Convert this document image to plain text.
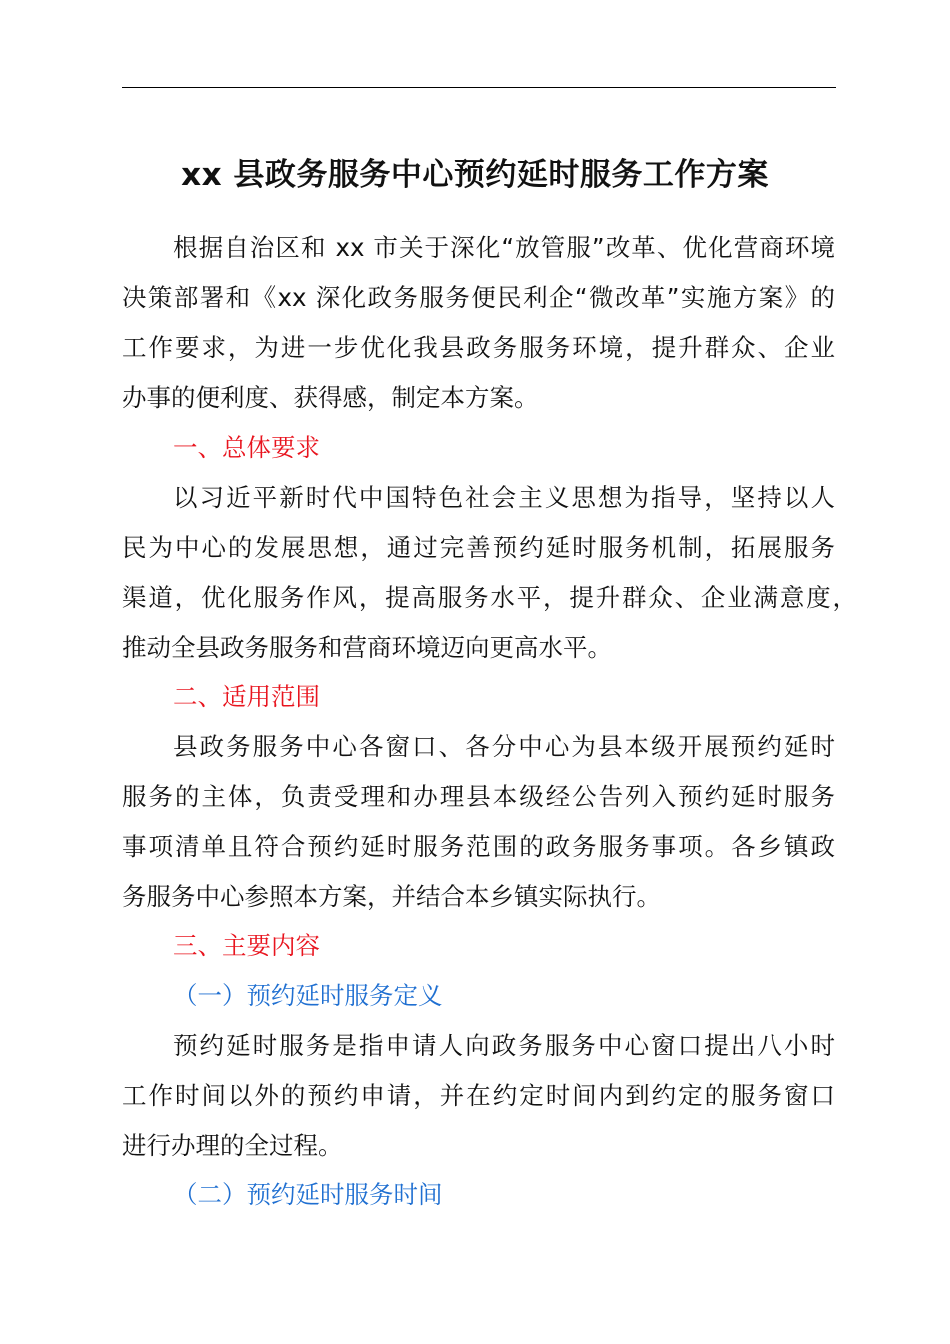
xx 县政务服务中心预约延时服务工作方案
根据自治区和 xx 市关于深化“放管服”改革、优化营商环境
决策部署和《xx 深化政务服务便民利企“微改革”实施方案》的
工作要求，为进一步优化我县政务服务环境，提升群众、企业
办事的便利度、获得感，制定本方案。
一、总体要求
以习近平新时代中国特色社会主义思想为指导，坚持以人
民为中心的发展思想，通过完善预约延时服务机制，拓展服务
渠道，优化服务作风，提高服务水平，提升群众、企业满意度，
推动全县政务服务和营商环境迈向更高水平。
二、适用范围
县政务服务中心各窗口、各分中心为县本级开展预约延时
服务的主体，负责受理和办理县本级经公告列入预约延时服务
事项清单且符合预约延时服务范围的政务服务事项。各乡镇政
务服务中心参照本方案，并结合本乡镇实际执行。
三、主要内容
（一）预约延时服务定义
预约延时服务是指申请人向政务服务中心窗口提出八小时
工作时间以外的预约申请，并在约定时间内到约定的服务窗口
进行办理的全过程。
（二）预约延时服务时间
